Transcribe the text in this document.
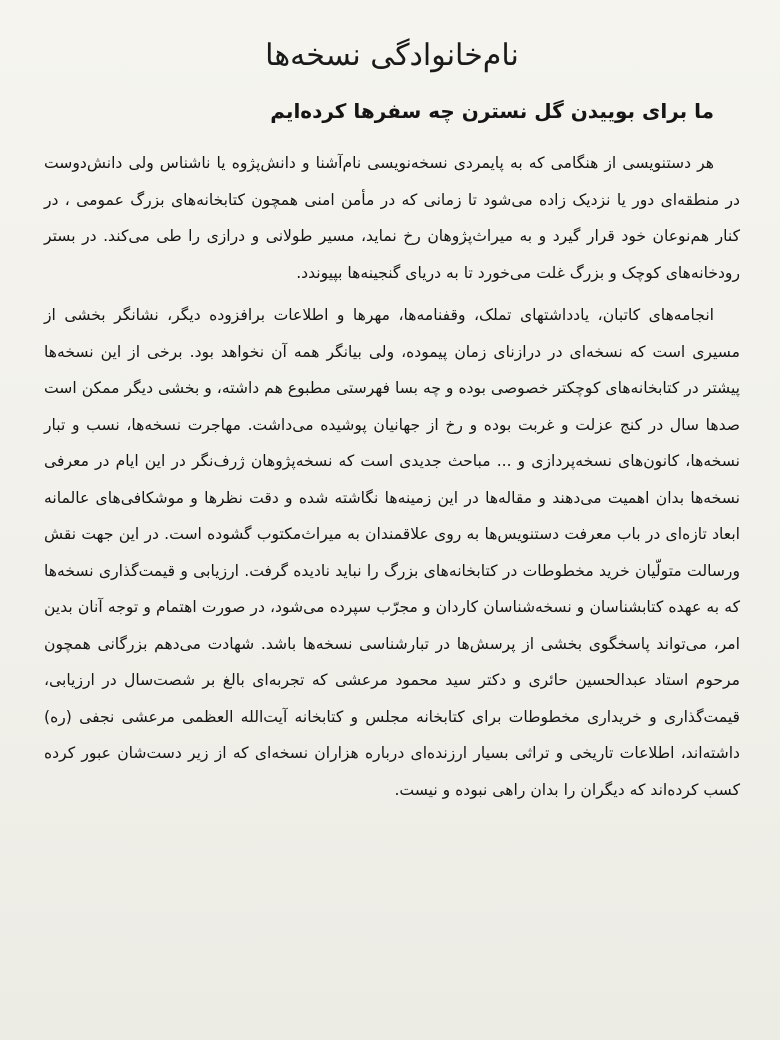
نام‌خانوادگی نسخه‌ها
ما برای بوییدن گل نسترن چه سفرها کرده‌ایم

هر دستنویسی از هنگامی که به پایمردی نسخه‌نویسی نام‌آشنا و دانش‌پژوه یا ناشناس ولی دانش‌دوست در منطقه‌ای دور یا نزدیک زاده می‌شود تا زمانی که در مأمن امنی همچون کتابخانه‌های بزرگ عمومی ، در کنار هم‌نوعان خود قرار گیرد و به میراث‌پژوهان رخ نماید، مسیر طولانی و درازی را طی می‌کند. در بستر رودخانه‌های کوچک و بزرگ غلت می‌خورد تا به دریای گنجینه‌ها بپیوندد.

انجامه‌های کاتبان، یادداشتهای تملک، وقفنامه‌ها، مهرها و اطلاعات برافزوده دیگر، نشانگر بخشی از مسیری است که نسخه‌ای در درازنای زمان پیموده، ولی بیانگر همه آن نخواهد بود. برخی از این نسخه‌ها پیشتر در کتابخانه‌های کوچکتر خصوصی بوده و چه بسا فهرستی مطبوع هم داشته، و بخشی دیگر ممکن است صدها سال در کنج عزلت و غربت بوده و رخ از جهانیان پوشیده می‌داشت. مهاجرت نسخه‌ها، نسب و تبار نسخه‌ها، کانون‌های نسخه‌پردازی و ... مباحث جدیدی است که نسخه‌پژوهان ژرف‌نگر در این ایام در معرفی نسخه‌ها بدان اهمیت می‌دهند و مقاله‌ها در این زمینه‌ها نگاشته شده و دقت نظرها و موشکافی‌های عالمانه ابعاد تازه‌ای در باب معرفت دستنویس‌ها به روی علاقمندان به میراث‌مکتوب گشوده است. در این جهت نقش ورسالت متولّیان خرید مخطوطات در کتابخانه‌های بزرگ را نباید نادیده گرفت. ارزیابی و قیمت‌گذاری نسخه‌ها که به عهده کتابشناسان و نسخه‌شناسان کاردان و مجرّب سپرده می‌شود، در صورت اهتمام و توجه آنان بدین امر، می‌تواند پاسخگوی بخشی از پرسش‌ها در تبارشناسی نسخه‌ها باشد. شهادت می‌دهم بزرگانی همچون مرحوم استاد عبدالحسین حائری و دکتر سید محمود مرعشی که تجربه‌ای بالغ بر شصت‌سال در ارزیابی، قیمت‌گذاری و خریداری مخطوطات برای کتابخانه مجلس و کتابخانه آیت‌الله العظمی مرعشی نجفی (ره) داشته‌اند، اطلاعات تاریخی و تراثی بسیار ارزنده‌ای درباره هزاران نسخه‌ای که از زیر دست‌شان عبور کرده کسب کرده‌اند که دیگران را بدان راهی نبوده و نیست.
